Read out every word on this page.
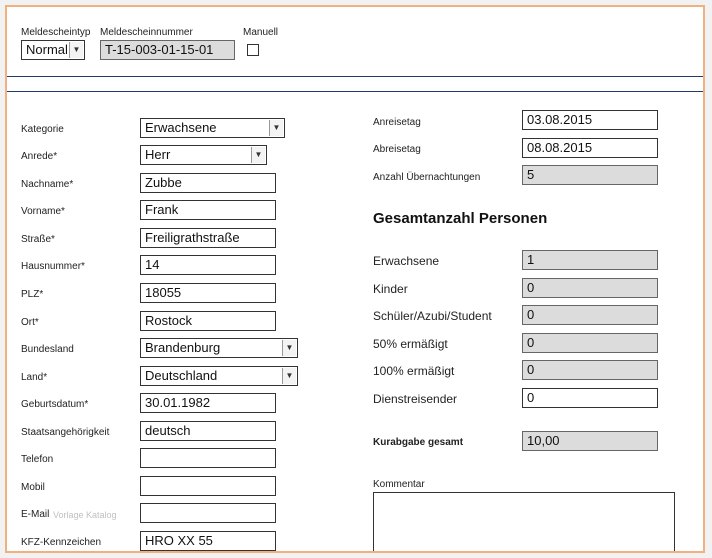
Meldescheintyp
Normal ▼
Meldescheinnummer
T-15-003-01-15-01
Manuell
Kategorie	Erwachsene	▼
Anrede*	Herr	▼
Nachname*	Zubbe
Vorname*	Frank
Straße*	Freiligrathstraße
Hausnummer*	14
PLZ*	18055
Ort*	Rostock
Bundesland	Brandenburg	▼
Land*	Deutschland	▼
Geburtsdatum*	30.01.1982
Staatsangehörigkeit	deutsch
Telefon
Mobil
E-Mail Vorlage Katalog
KFZ-Kennzeichen	HRO XX 55
Anreisetag	03.08.2015
Abreisetag	08.08.2015
Anzahl Übernachtungen	5
Gesamtanzahl Personen
Erwachsene	1
Kinder	0
Schüler/Azubi/Student	0
50% ermäßigt	0
100% ermäßigt	0
Dienstreisender	0
Kurabgabe gesamt	10,00
Kommentar
